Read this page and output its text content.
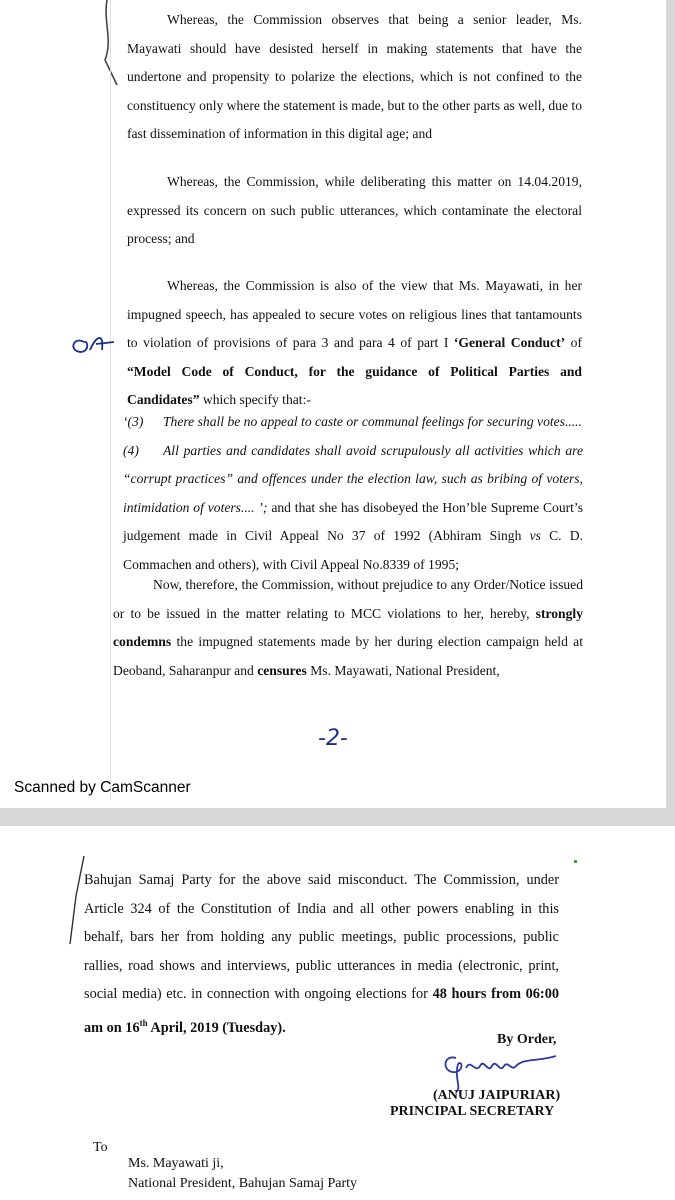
Whereas, the Commission observes that being a senior leader, Ms. Mayawati should have desisted herself in making statements that have the undertone and propensity to polarize the elections, which is not confined to the constituency only where the statement is made, but to the other parts as well, due to fast dissemination of information in this digital age; and

Whereas, the Commission, while deliberating this matter on 14.04.2019, expressed its concern on such public utterances, which contaminate the electoral process; and

Whereas, the Commission is also of the view that Ms. Mayawati, in her impugned speech, has appealed to secure votes on religious lines that tantamounts to violation of provisions of para 3 and para 4 of part I ‘General Conduct’ of “Model Code of Conduct, for the guidance of Political Parties and Candidates” which specify that:-

‘(3) There shall be no appeal to caste or communal feelings for securing votes.....
(4)	All parties and candidates shall avoid scrupulously all activities which are “corrupt practices” and offences under the election law, such as bribing of voters, intimidation of voters.... ’; and that she has disobeyed the Hon’ble Supreme Court’s judgement made in Civil Appeal No 37 of 1992 (Abhiram Singh vs C. D. Commachen and others), with Civil Appeal No.8339 of 1995;

Now, therefore, the Commission, without prejudice to any Order/Notice issued or to be issued in the matter relating to MCC violations to her, hereby, strongly condemns the impugned statements made by her during election campaign held at Deoband, Saharanpur and censures Ms. Mayawati, National President,

-2-
Scanned by CamScanner

Bahujan Samaj Party for the above said misconduct. The Commission, under Article 324 of the Constitution of India and all other powers enabling in this behalf, bars her from holding any public meetings, public processions, public rallies, road shows and interviews, public utterances in media (electronic, print, social media) etc. in connection with ongoing elections for 48 hours from 06:00 am on 16th April, 2019 (Tuesday).

By Order,
(ANUJ JAIPURIAR)
PRINCIPAL SECRETARY
To
Ms. Mayawati ji,
National President, Bahujan Samaj Party
